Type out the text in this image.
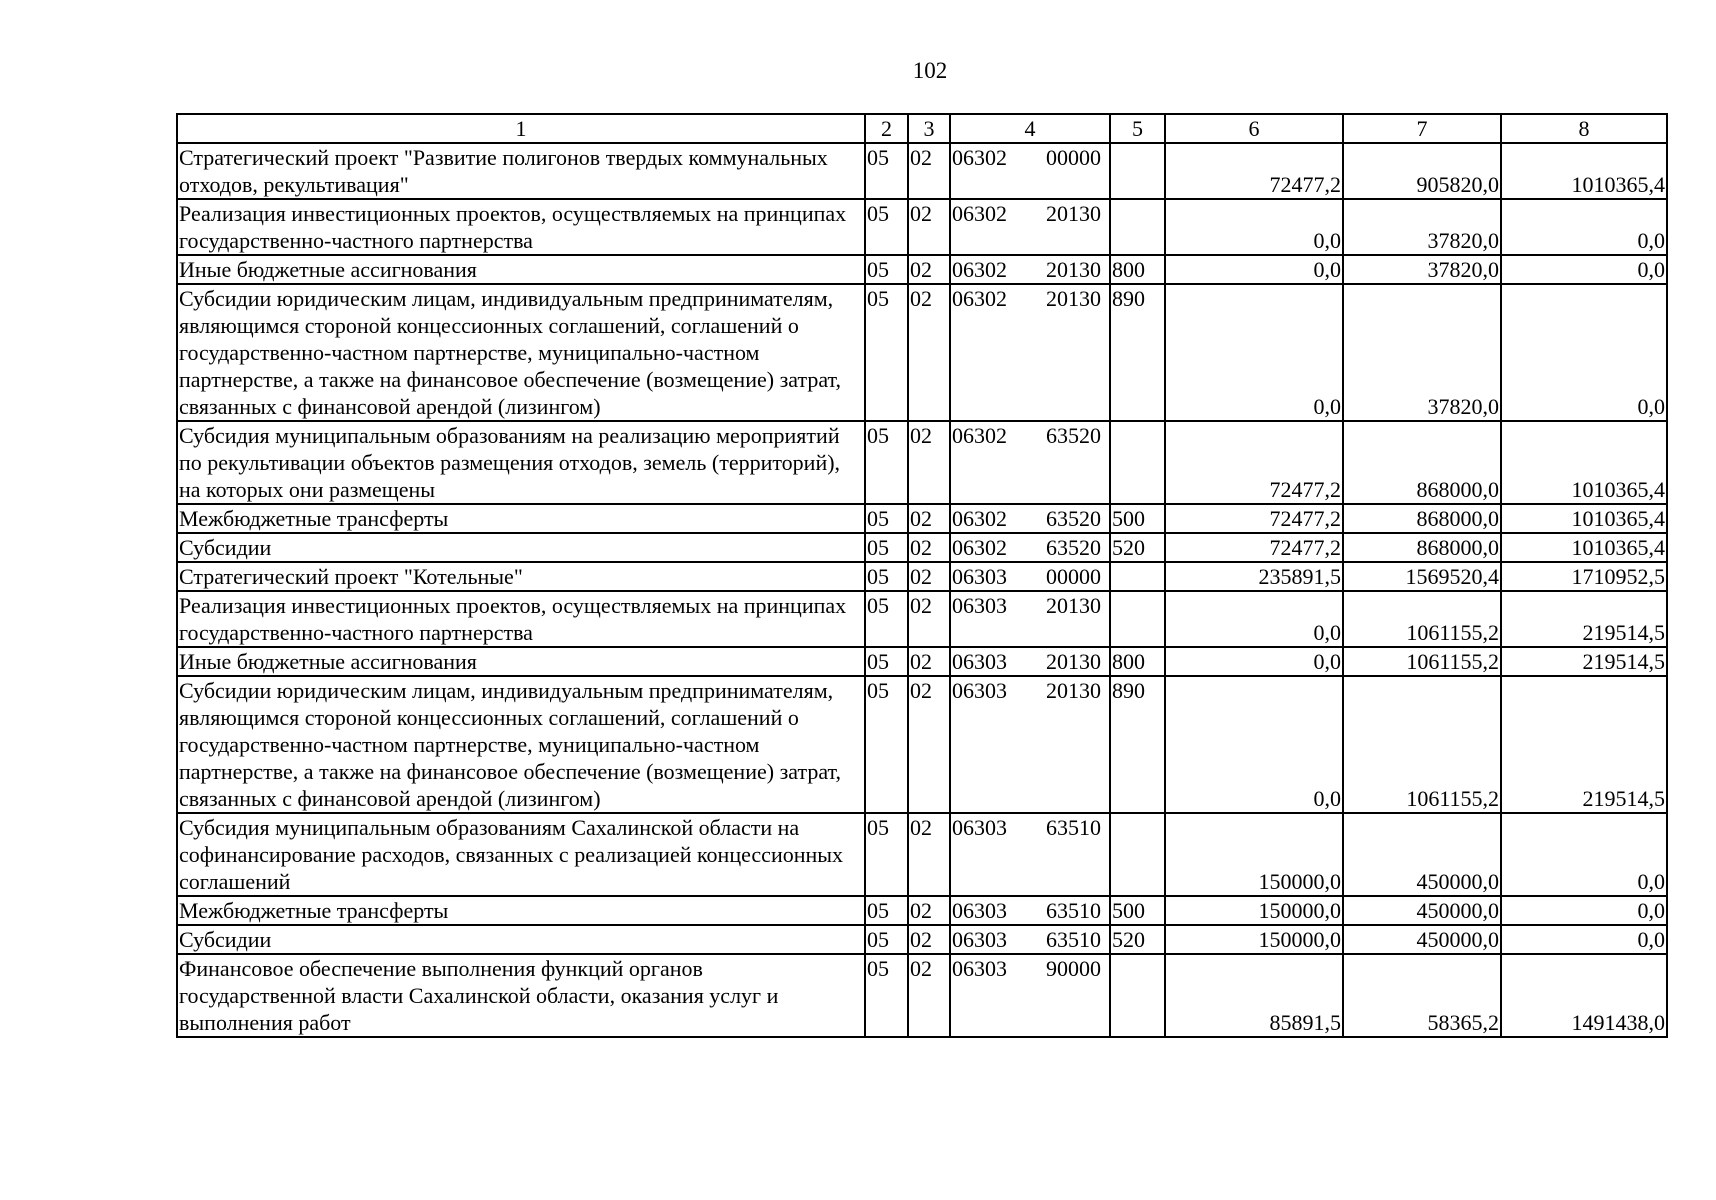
102
1	2	3	4		5	6	7	8
Стратегический проект "Развитие полигонов твердых коммунальных отходов, рекультивация"	05	02	06302	00000		72477,2	905820,0	1010365,4
Реализация инвестиционных проектов, осуществляемых на принципах государственно-частного партнерства	05	02	06302	20130		0,0	37820,0	0,0
Иные бюджетные ассигнования	05	02	06302	20130	800	0,0	37820,0	0,0
Субсидии юридическим лицам, индивидуальным предпринимателям, являющимся стороной концессионных соглашений, соглашений о государственно-частном партнерстве, муниципально-частном партнерстве, а также на финансовое обеспечение (возмещение) затрат, связанных с финансовой арендой (лизингом)	05	02	06302	20130	890	0,0	37820,0	0,0
Субсидия муниципальным образованиям на реализацию мероприятий по рекультивации объектов размещения отходов, земель (территорий), на которых они размещены	05	02	06302	63520		72477,2	868000,0	1010365,4
Межбюджетные трансферты	05	02	06302	63520	500	72477,2	868000,0	1010365,4
Субсидии	05	02	06302	63520	520	72477,2	868000,0	1010365,4
Стратегический проект "Котельные"	05	02	06303	00000		235891,5	1569520,4	1710952,5
Реализация инвестиционных проектов, осуществляемых на принципах государственно-частного партнерства	05	02	06303	20130		0,0	1061155,2	219514,5
Иные бюджетные ассигнования	05	02	06303	20130	800	0,0	1061155,2	219514,5
Субсидии юридическим лицам, индивидуальным предпринимателям, являющимся стороной концессионных соглашений, соглашений о государственно-частном партнерстве, муниципально-частном партнерстве, а также на финансовое обеспечение (возмещение) затрат, связанных с финансовой арендой (лизингом)	05	02	06303	20130	890	0,0	1061155,2	219514,5
Субсидия муниципальным образованиям Сахалинской области на софинансирование расходов, связанных с реализацией концессионных соглашений	05	02	06303	63510		150000,0	450000,0	0,0
Межбюджетные трансферты	05	02	06303	63510	500	150000,0	450000,0	0,0
Субсидии	05	02	06303	63510	520	150000,0	450000,0	0,0
Финансовое обеспечение выполнения функций органов государственной власти Сахалинской области, оказания услуг и выполнения работ	05	02	06303	90000		85891,5	58365,2	1491438,0
